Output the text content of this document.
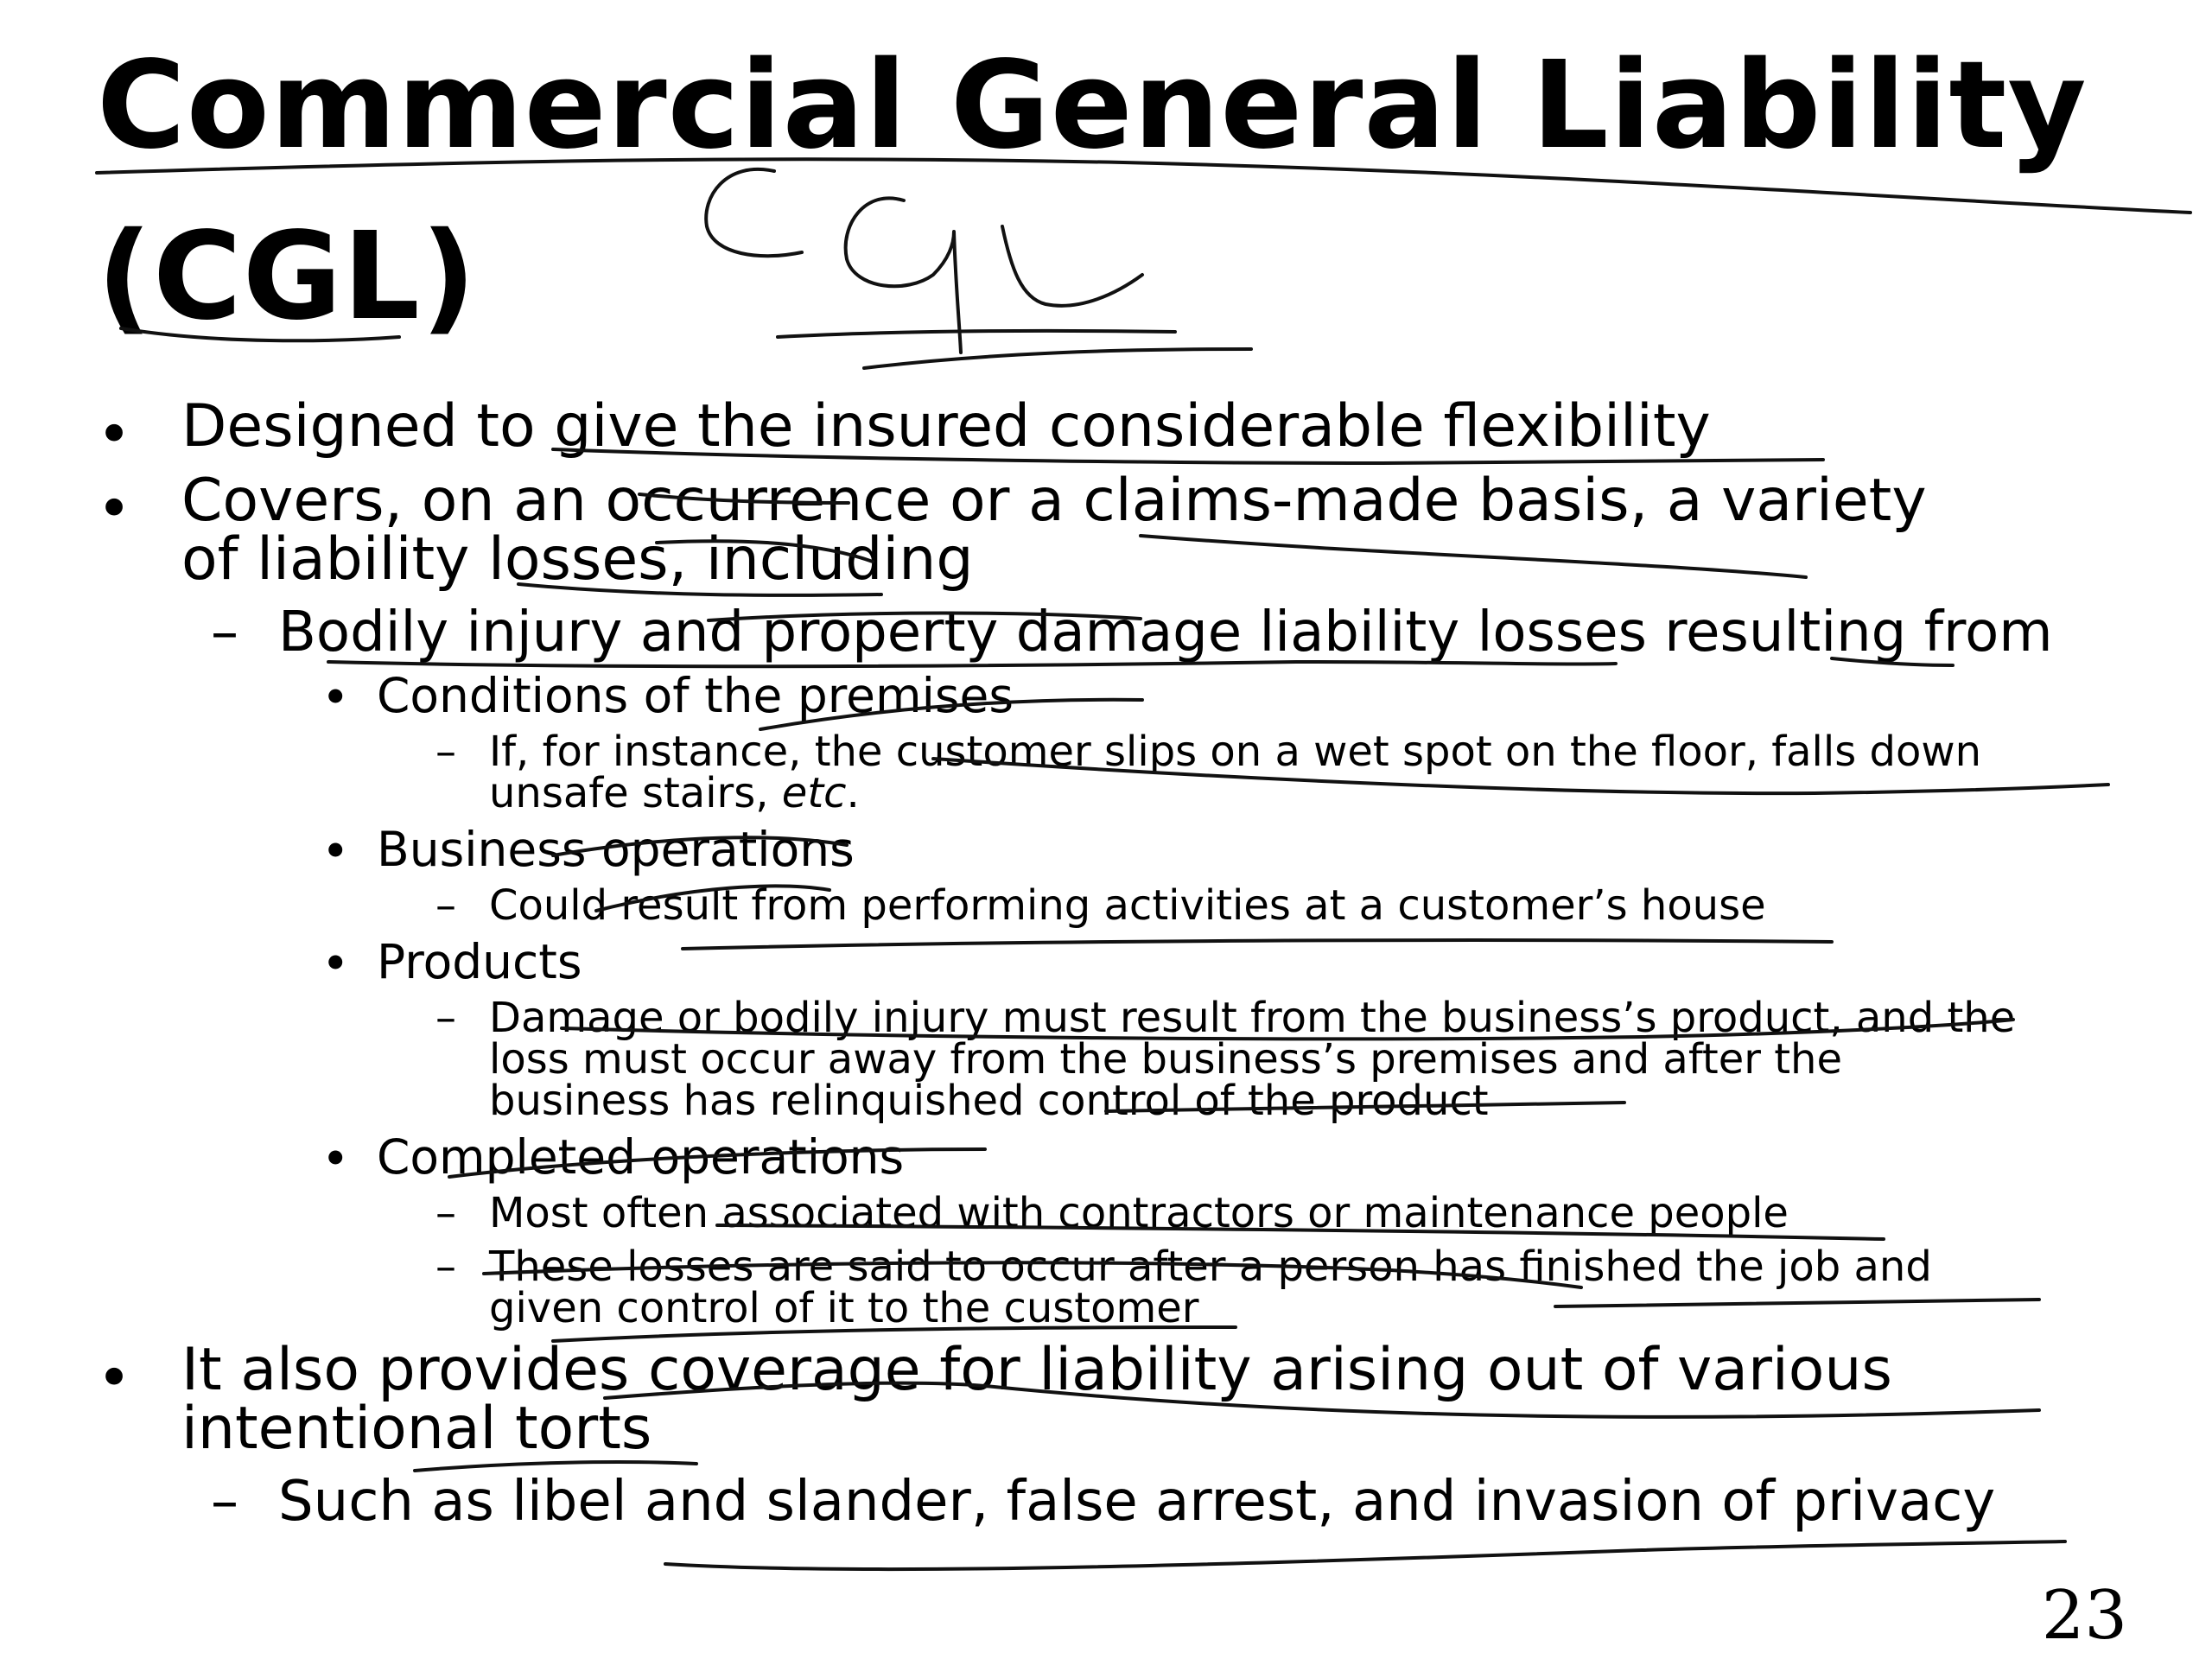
Commercial General Liability
(CGL)
• Designed to give the insured considerable flexibility
• Covers, on an occurrence or a claims-made basis, a variety
of liability losses, including
– Bodily injury and property damage liability losses resulting from
• Conditions of the premises
– If, for instance, the customer slips on a wet spot on the floor, falls down
unsafe stairs, etc.
• Business operations
– Could result from performing activities at a customer’s house
• Products
– Damage or bodily injury must result from the business’s product, and the
loss must occur away from the business’s premises and after the
business has relinquished control of the product
• Completed operations
– Most often associated with contractors or maintenance people
– These losses are said to occur after a person has finished the job and
given control of it to the customer
• It also provides coverage for liability arising out of various
intentional torts
– Such as libel and slander, false arrest, and invasion of privacy
23
